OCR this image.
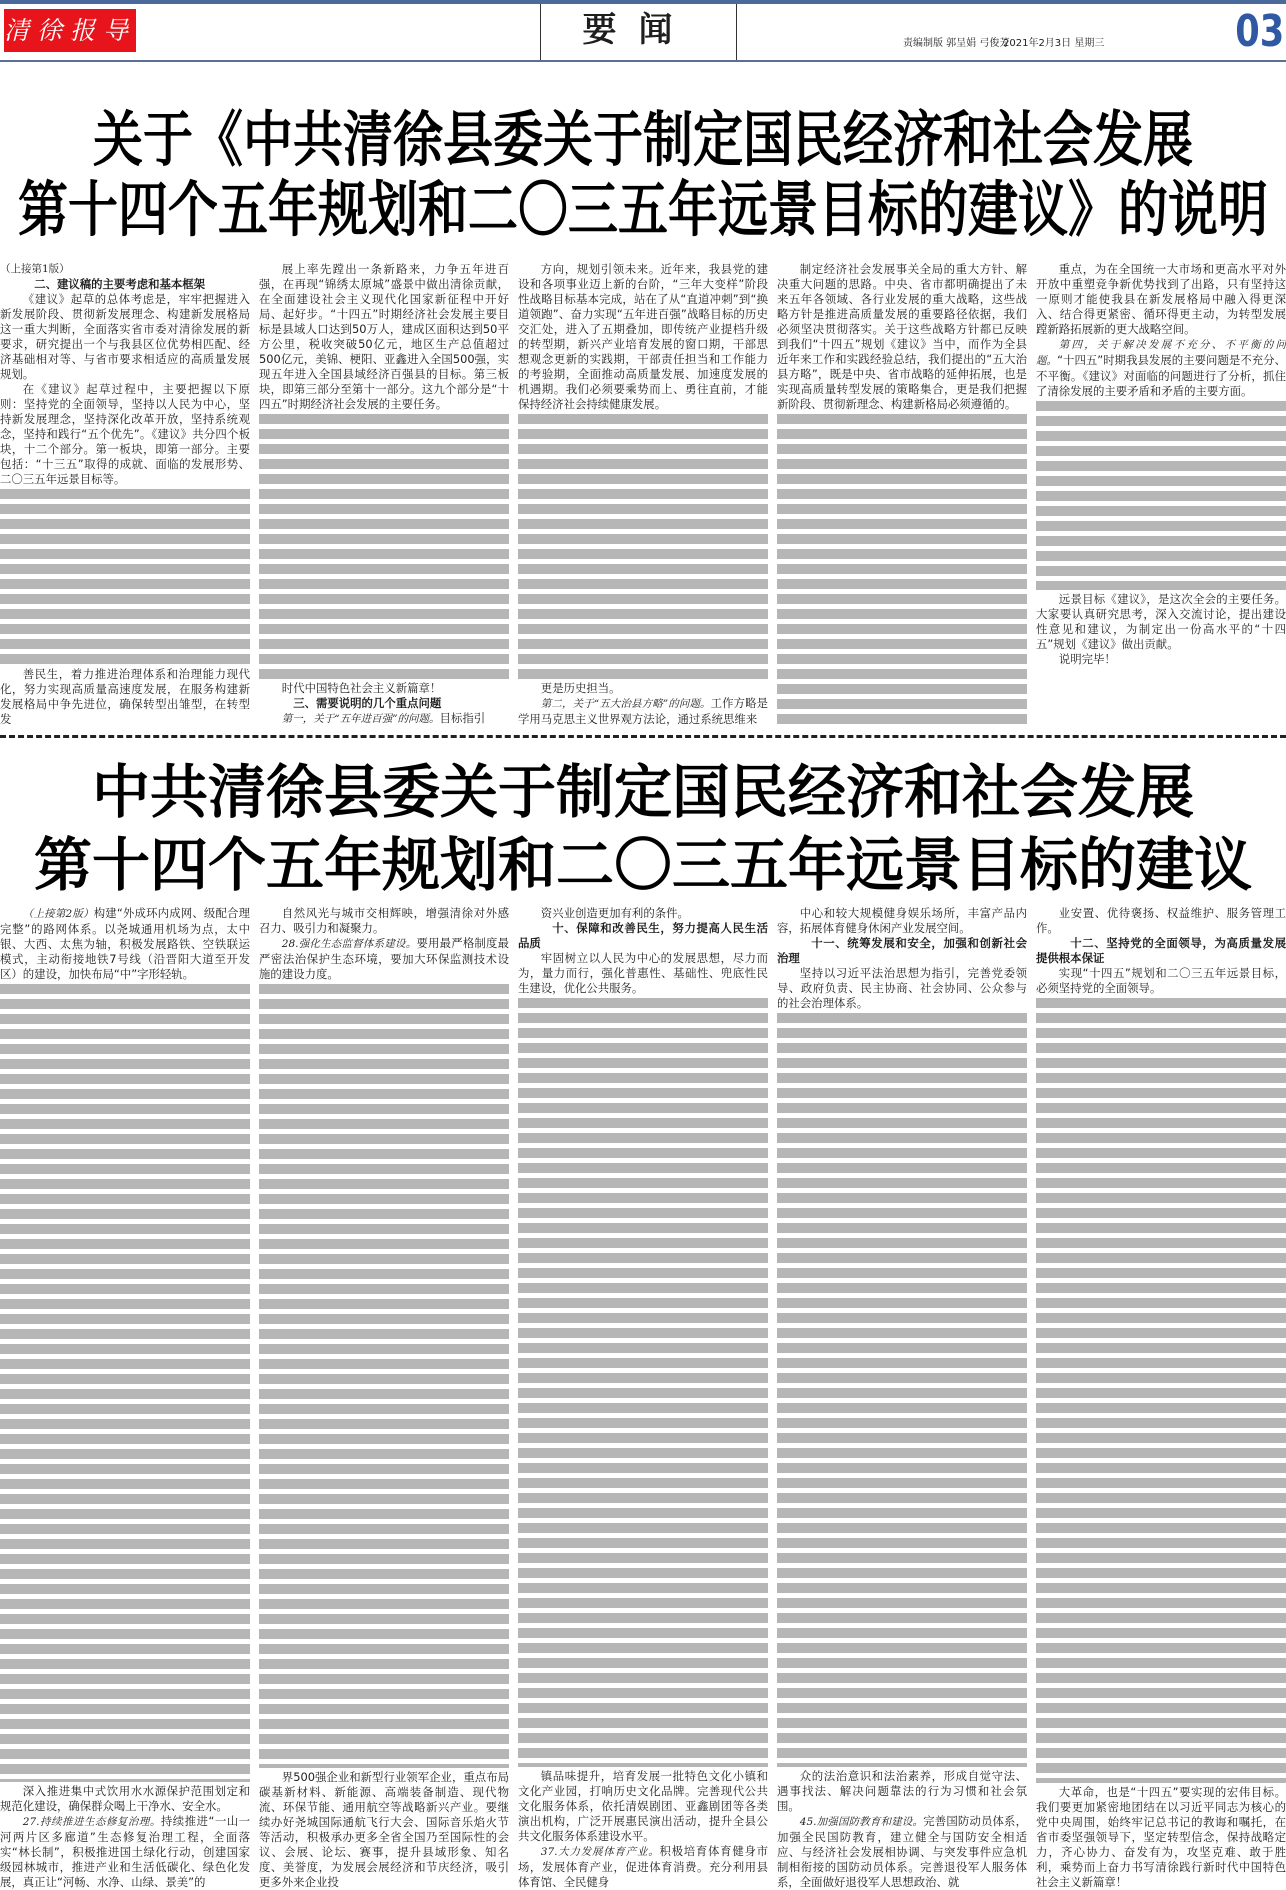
清徐报导	要闻	责编制版 郭呈娟 弓俊芳
2021年2月3日 星期三	03
关于《中共清徐县委关于制定国民经济和社会发展
第十四个五年规划和二〇三五年远景目标的建议》的说明

（上接第1版）

二、建议稿的主要考虑和基本框架

《建议》起草的总体考虑是，牢牢把握进入新发展阶段、贯彻新发展理念、构建新发展格局这一重大判断，全面落实省市委对清徐发展的新要求，研究提出一个与我县区位优势相匹配、经济基础相对等、与省市要求相适应的高质量发展规划。

在《建议》起草过程中，主要把握以下原则：坚持党的全面领导，坚持以人民为中心，坚持新发展理念，坚持深化改革开放，坚持系统观念，坚持和践行“五个优先”。《建议》共分四个板块，十二个部分。第一板块，即第一部分。主要包括：“十三五”取得的成就、面临的发展形势、二〇三五年远景目标等。

善民生，着力推进治理体系和治理能力现代化，努力实现高质量高速度发展，在服务构建新发展格局中争先进位，确保转型出雏型，在转型发

展上率先蹚出一条新路来，力争五年进百强，在再现“锦绣太原城”盛景中做出清徐贡献，在全面建设社会主义现代化国家新征程中开好局、起好步。“十四五”时期经济社会发展主要目标是县域人口达到50万人，建成区面积达到50平方公里，税收突破50亿元，地区生产总值超过500亿元，美锦、梗阳、亚鑫进入全国500强，实现五年进入全国县域经济百强县的目标。第三板块，即第三部分至第十一部分。这九个部分是“十四五”时期经济社会发展的主要任务。

时代中国特色社会主义新篇章！

三、需要说明的几个重点问题

第一，关于“五年进百强”的问题。目标指引

方向，规划引领未来。近年来，我县党的建设和各项事业迈上新的台阶，“三年大变样”阶段性战略目标基本完成，站在了从“直道冲刺”到“换道领跑”、奋力实现“五年进百强”战略目标的历史交汇处，进入了五期叠加，即传统产业提档升级的转型期，新兴产业培育发展的窗口期，干部思想观念更新的实践期，干部责任担当和工作能力的考验期，全面推动高质量发展、加速度发展的机遇期。我们必须要乘势而上、勇往直前，才能保持经济社会持续健康发展。

更是历史担当。

第二，关于“五大治县方略”的问题。工作方略是学用马克思主义世界观方法论，通过系统思维来

制定经济社会发展事关全局的重大方针、解决重大问题的思路。中央、省市都明确提出了未来五年各领域、各行业发展的重大战略，这些战略方针是推进高质量发展的重要路径依据，我们必须坚决贯彻落实。关于这些战略方针都已反映到我们“十四五”规划《建议》当中，而作为全县近年来工作和实践经验总结，我们提出的“五大治县方略”，既是中央、省市战略的延伸拓展，也是实现高质量转型发展的策略集合，更是我们把握新阶段、贯彻新理念、构建新格局必须遵循的。

重点，为在全国统一大市场和更高水平对外开放中重塑竞争新优势找到了出路，只有坚持这一原则才能使我县在新发展格局中融入得更深入、结合得更紧密、循环得更主动，为转型发展蹚新路拓展新的更大战略空间。

第四，关于解决发展不充分、不平衡的问题。“十四五”时期我县发展的主要问题是不充分、不平衡。《建议》对面临的问题进行了分析，抓住了清徐发展的主要矛盾和矛盾的主要方面。

远景目标《建议》，是这次全会的主要任务。大家要认真研究思考，深入交流讨论，提出建设性意见和建议，为制定出一份高水平的“十四五”规划《建议》做出贡献。

说明完毕！

中共清徐县委关于制定国民经济和社会发展
第十四个五年规划和二〇三五年远景目标的建议

（上接第2版）构建“外成环内成网、级配合理完整”的路网体系。以尧城通用机场为点，太中银、大西、太焦为轴，积极发展路铁、空铁联运模式，主动衔接地铁7号线（沿晋阳大道至开发区）的建设，加快布局“中”字形轻轨。

深入推进集中式饮用水水源保护范围划定和规范化建设，确保群众喝上干净水、安全水。

27.持续推进生态修复治理。持续推进“一山一河两片区多廊道”生态修复治理工程，全面落实“林长制”，积极推进国土绿化行动，创建国家级园林城市，推进产业和生活低碳化、绿色化发展，真正让“河畅、水净、山绿、景美”的

自然风光与城市交相辉映，增强清徐对外感召力、吸引力和凝聚力。

28.强化生态监督体系建设。要用最严格制度最严密法治保护生态环境，要加大环保监测技术设施的建设力度。

界500强企业和新型行业领军企业，重点布局碳基新材料、新能源、高端装备制造、现代物流、环保节能、通用航空等战略新兴产业。要继续办好尧城国际通航飞行大会、国际音乐焰火节等活动，积极承办更多全省全国乃至国际性的会议、会展、论坛、赛事，提升县域形象、知名度、美誉度，为发展会展经济和节庆经济，吸引更多外来企业投

资兴业创造更加有利的条件。

十、保障和改善民生，努力提高人民生活品质

牢固树立以人民为中心的发展思想，尽力而为，量力而行，强化普惠性、基础性、兜底性民生建设，优化公共服务。

镇品味提升，培育发展一批特色文化小镇和文化产业园，打响历史文化品牌。完善现代公共文化服务体系，依托清娱剧团、亚鑫剧团等各类演出机构，广泛开展惠民演出活动，提升全县公共文化服务体系建设水平。

37.大力发展体育产业。积极培育体育健身市场，发展体育产业，促进体育消费。充分利用县体育馆、全民健身

中心和较大规模健身娱乐场所，丰富产品内容，拓展体育健身休闲产业发展空间。

十一、统筹发展和安全，加强和创新社会治理

坚持以习近平法治思想为指引，完善党委领导、政府负责、民主协商、社会协同、公众参与的社会治理体系。

众的法治意识和法治素养，形成自觉守法、遇事找法、解决问题靠法的行为习惯和社会氛围。

45.加强国防教育和建设。完善国防动员体系，加强全民国防教育，建立健全与国防安全相适应、与经济社会发展相协调、与突发事件应急机制相衔接的国防动员体系。完善退役军人服务体系，全面做好退役军人思想政治、就

业安置、优待褒扬、权益维护、服务管理工作。

十二、坚持党的全面领导，为高质量发展提供根本保证

实现“十四五”规划和二〇三五年远景目标，必须坚持党的全面领导。

大革命，也是“十四五”要实现的宏伟目标。我们要更加紧密地团结在以习近平同志为核心的党中央周围，始终牢记总书记的教诲和嘱托，在省市委坚强领导下，坚定转型信念，保持战略定力，齐心协力、奋发有为，攻坚克难、敢于胜利，乘势而上奋力书写清徐践行新时代中国特色社会主义新篇章！
